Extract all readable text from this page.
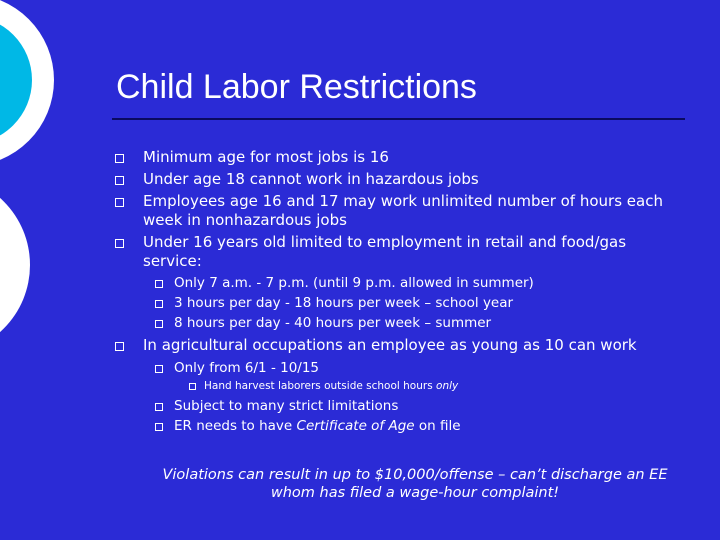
Child Labor Restrictions
Minimum age for most jobs is 16
Under age 18 cannot work in hazardous jobs
Employees age 16 and 17 may work unlimited number of hours each week in nonhazardous jobs
Under 16 years old limited to employment in retail and food/gas service:
Only 7 a.m. - 7 p.m. (until 9 p.m. allowed in summer)
3 hours per day - 18 hours per week – school year
8 hours per day - 40 hours per week – summer
In agricultural occupations an employee as young as 10 can work
Only from 6/1 - 10/15
Hand harvest laborers outside school hours only
Subject to many strict limitations
ER needs to have Certificate of Age on file
Violations can result in up to $10,000/offense – can’t discharge an EE whom has filed a wage-hour complaint!
